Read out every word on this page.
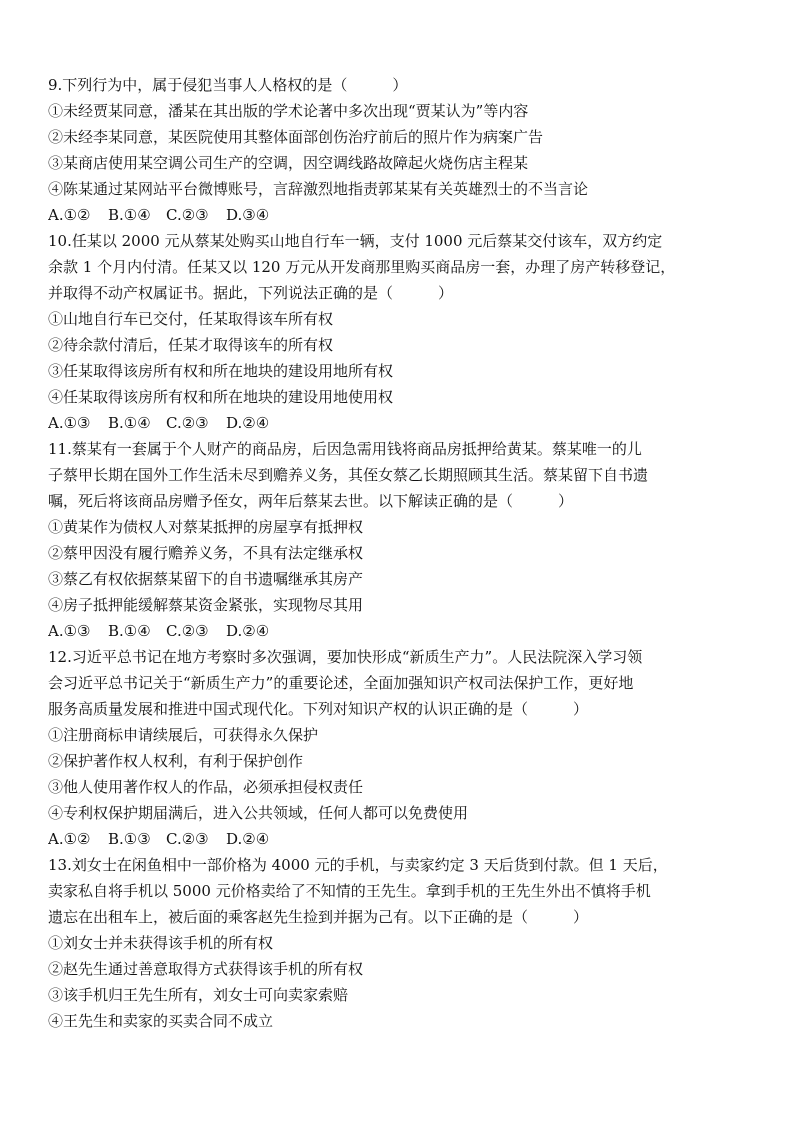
9.下列行为中，属于侵犯当事人人格权的是（　　　）
①未经贾某同意，潘某在其出版的学术论著中多次出现“贾某认为”等内容
②未经李某同意，某医院使用其整体面部创伤治疗前后的照片作为病案广告
③某商店使用某空调公司生产的空调，因空调线路故障起火烧伤店主程某
④陈某通过某网站平台微博账号，言辞激烈地指责郭某某有关英雄烈士的不当言论
A.①② B.①④ C.②③ D.③④
10.任某以 2000 元从蔡某处购买山地自行车一辆，支付 1000 元后蔡某交付该车，双方约定
余款 1 个月内付清。任某又以 120 万元从开发商那里购买商品房一套，办理了房产转移登记，
并取得不动产权属证书。据此，下列说法正确的是（　　　）
①山地自行车已交付，任某取得该车所有权
②待余款付清后，任某才取得该车的所有权
③任某取得该房所有权和所在地块的建设用地所有权
④任某取得该房所有权和所在地块的建设用地使用权
A.①③ B.①④ C.②③ D.②④
11.蔡某有一套属于个人财产的商品房，后因急需用钱将商品房抵押给黄某。蔡某唯一的儿
子蔡甲长期在国外工作生活未尽到赡养义务，其侄女蔡乙长期照顾其生活。蔡某留下自书遗
嘱，死后将该商品房赠予侄女，两年后蔡某去世。以下解读正确的是（　　　）
①黄某作为债权人对蔡某抵押的房屋享有抵押权
②蔡甲因没有履行赡养义务，不具有法定继承权
③蔡乙有权依据蔡某留下的自书遗嘱继承其房产
④房子抵押能缓解蔡某资金紧张，实现物尽其用
A.①③ B.①④ C.②③ D.②④
12.习近平总书记在地方考察时多次强调，要加快形成“新质生产力”。人民法院深入学习领
会习近平总书记关于“新质生产力”的重要论述，全面加强知识产权司法保护工作，更好地
服务高质量发展和推进中国式现代化。下列对知识产权的认识正确的是（　　　）
①注册商标申请续展后，可获得永久保护
②保护著作权人权利，有利于保护创作
③他人使用著作权人的作品，必须承担侵权责任
④专利权保护期届满后，进入公共领域，任何人都可以免费使用
A.①② B.①③ C.②③ D.②④
13.刘女士在闲鱼相中一部价格为 4000 元的手机，与卖家约定 3 天后货到付款。但 1 天后，
卖家私自将手机以 5000 元价格卖给了不知情的王先生。拿到手机的王先生外出不慎将手机
遗忘在出租车上，被后面的乘客赵先生捡到并据为己有。以下正确的是（　　　）
①刘女士并未获得该手机的所有权
②赵先生通过善意取得方式获得该手机的所有权
③该手机归王先生所有，刘女士可向卖家索赔
④王先生和卖家的买卖合同不成立
